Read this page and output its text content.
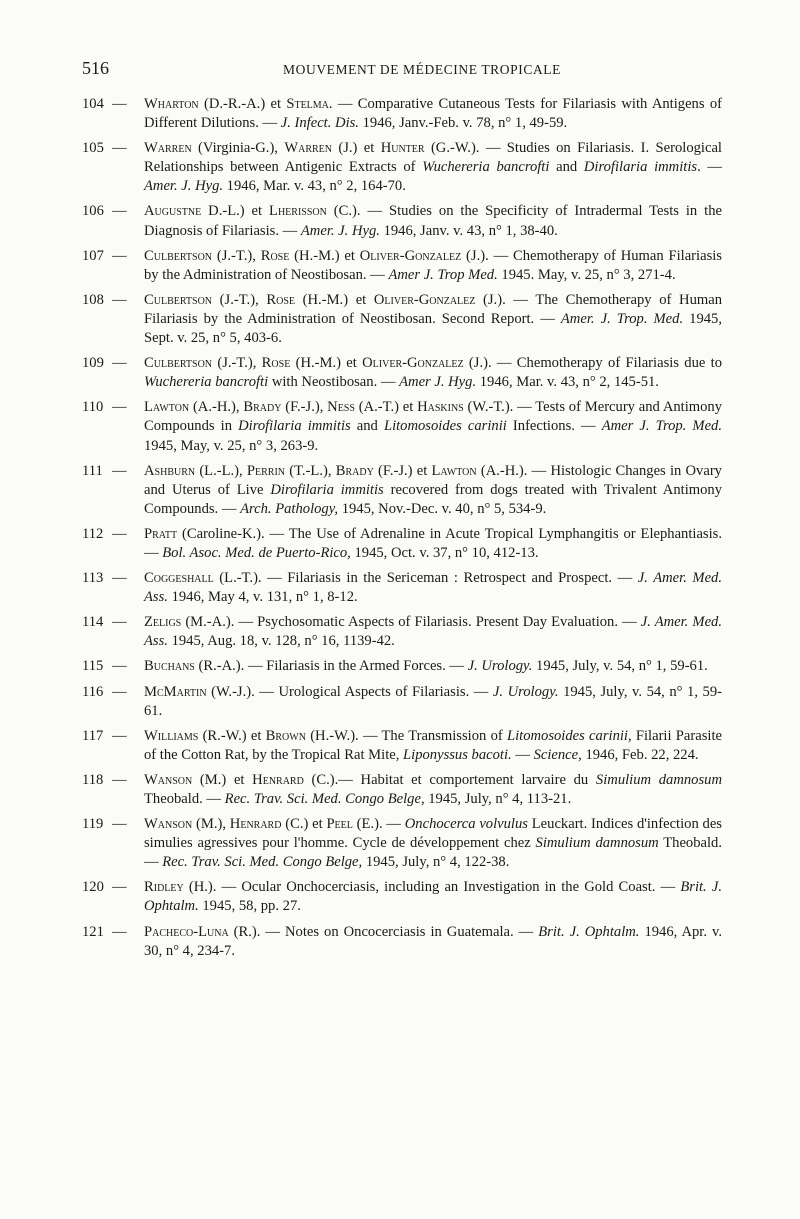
516	MOUVEMENT DE MÉDECINE TROPICALE
104 — Wharton (D.-R.-A.) et Stelma. — Comparative Cutaneous Tests for Filariasis with Antigens of Different Dilutions. — J. Infect. Dis. 1946, Janv.-Feb. v. 78, n° 1, 49-59.
105 — Warren (Virginia-G.), Warren (J.) et Hunter (G.-W.). — Studies on Filariasis. I. Serological Relationships between Antigenic Extracts of Wuchereria bancrofti and Dirofilaria immitis. — Amer. J. Hyg. 1946, Mar. v. 43, n° 2, 164-70.
106 — Augustne D.-L.) et Lherisson (C.). — Studies on the Specificity of Intradermal Tests in the Diagnosis of Filariasis. — Amer. J. Hyg. 1946, Janv. v. 43, n° 1, 38-40.
107 — Culbertson (J.-T.), Rose (H.-M.) et Oliver-Gonzalez (J.). — Chemotherapy of Human Filariasis by the Administration of Neostibosan. — Amer J. Trop Med. 1945. May, v. 25, n° 3, 271-4.
108 — Culbertson (J.-T.), Rose (H.-M.) et Oliver-Gonzalez (J.). — The Chemotherapy of Human Filariasis by the Administration of Neostibosan. Second Report. — Amer. J. Trop. Med. 1945, Sept. v. 25, n° 5, 403-6.
109 — Culbertson (J.-T.), Rose (H.-M.) et Oliver-Gonzalez (J.). — Chemotherapy of Filariasis due to Wuchereria bancrofti with Neostibosan. — Amer J. Hyg. 1946, Mar. v. 43, n° 2, 145-51.
110 — Lawton (A.-H.), Brady (F.-J.), Ness (A.-T.) et Haskins (W.-T.). — Tests of Mercury and Antimony Compounds in Dirofilaria immitis and Litomosoides carinii Infections. — Amer J. Trop. Med. 1945, May, v. 25, n° 3, 263-9.
111 — Ashburn (L.-L.), Perrin (T.-L.), Brady (F.-J.) et Lawton (A.-H.). — Histologic Changes in Ovary and Uterus of Live Dirofilaria immitis recovered from dogs treated with Trivalent Antimony Compounds. — Arch. Pathology, 1945, Nov.-Dec. v. 40, n° 5, 534-9.
112 — Pratt (Caroline-K.). — The Use of Adrenaline in Acute Tropical Lymphangitis or Elephantiasis. — Bol. Asoc. Med. de Puerto-Rico, 1945, Oct. v. 37, n° 10, 412-13.
113 — Coggeshall (L.-T.). — Filariasis in the Sericeman : Retrospect and Prospect. — J. Amer. Med. Ass. 1946, May 4, v. 131, n° 1, 8-12.
114 — Zeligs (M.-A.). — Psychosomatic Aspects of Filariasis. Present Day Evaluation. — J. Amer. Med. Ass. 1945, Aug. 18, v. 128, n° 16, 1139-42.
115 — Buchans (R.-A.). — Filariasis in the Armed Forces. — J. Urology. 1945, July, v. 54, n° 1, 59-61.
116 — McMartin (W.-J.). — Urological Aspects of Filariasis. — J. Urology. 1945, July, v. 54, n° 1, 59-61.
117 — Williams (R.-W.) et Brown (H.-W.). — The Transmission of Litomosoides carinii, Filarii Parasite of the Cotton Rat, by the Tropical Rat Mite, Liponyssus bacoti. — Science, 1946, Feb. 22, 224.
118 — Wanson (M.) et Henrard (C.).— Habitat et comportement larvaire du Simulium damnosum Theobald. — Rec. Trav. Sci. Med. Congo Belge, 1945, July, n° 4, 113-21.
119 — Wanson (M.), Henrard (C.) et Peel (E.). — Onchocerca volvulus Leuckart. Indices d'infection des simulies agressives pour l'homme. Cycle de développement chez Simulium damnosum Theobald. — Rec. Trav. Sci. Med. Congo Belge, 1945, July, n° 4, 122-38.
120 — Ridley (H.). — Ocular Onchocerciasis, including an Investigation in the Gold Coast. — Brit. J. Ophtalm. 1945, 58, pp. 27.
121 — Pacheco-Luna (R.). — Notes on Oncocerciasis in Guatemala. — Brit. J. Ophtalm. 1946, Apr. v. 30, n° 4, 234-7.
